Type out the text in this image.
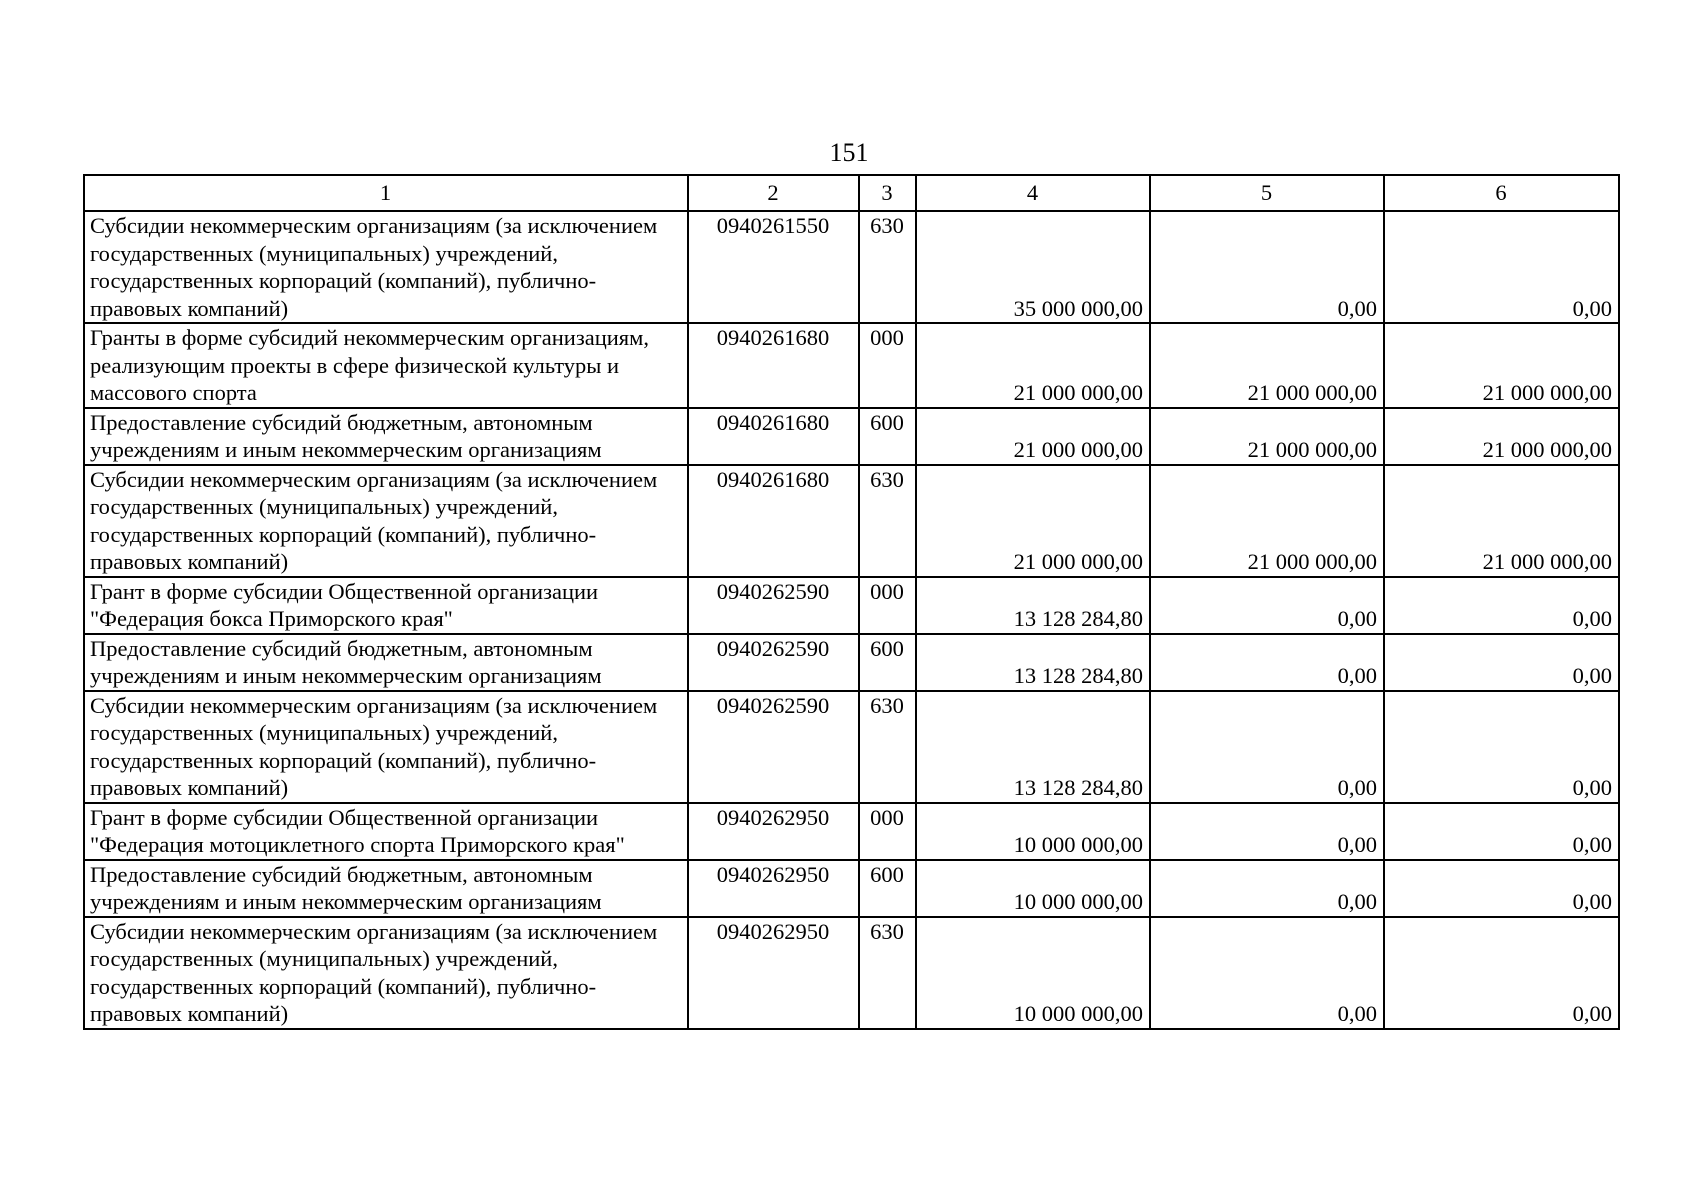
151
1	2	3	4	5	6
Субсидии некоммерческим организациям (за исключением государственных (муниципальных) учреждений, государственных корпораций (компаний), публично-правовых компаний)	0940261550	630	35 000 000,00	0,00	0,00
Гранты в форме субсидий некоммерческим организациям, реализующим проекты в сфере физической культуры и массового спорта	0940261680	000	21 000 000,00	21 000 000,00	21 000 000,00
Предоставление субсидий бюджетным, автономным учреждениям и иным некоммерческим организациям	0940261680	600	21 000 000,00	21 000 000,00	21 000 000,00
Субсидии некоммерческим организациям (за исключением государственных (муниципальных) учреждений, государственных корпораций (компаний), публично-правовых компаний)	0940261680	630	21 000 000,00	21 000 000,00	21 000 000,00
Грант в форме субсидии Общественной организации "Федерация бокса Приморского края"	0940262590	000	13 128 284,80	0,00	0,00
Предоставление субсидий бюджетным, автономным учреждениям и иным некоммерческим организациям	0940262590	600	13 128 284,80	0,00	0,00
Субсидии некоммерческим организациям (за исключением государственных (муниципальных) учреждений, государственных корпораций (компаний), публично-правовых компаний)	0940262590	630	13 128 284,80	0,00	0,00
Грант в форме субсидии Общественной организации "Федерация мотоциклетного спорта Приморского края"	0940262950	000	10 000 000,00	0,00	0,00
Предоставление субсидий бюджетным, автономным учреждениям и иным некоммерческим организациям	0940262950	600	10 000 000,00	0,00	0,00
Субсидии некоммерческим организациям (за исключением государственных (муниципальных) учреждений, государственных корпораций (компаний), публично-правовых компаний)	0940262950	630	10 000 000,00	0,00	0,00
